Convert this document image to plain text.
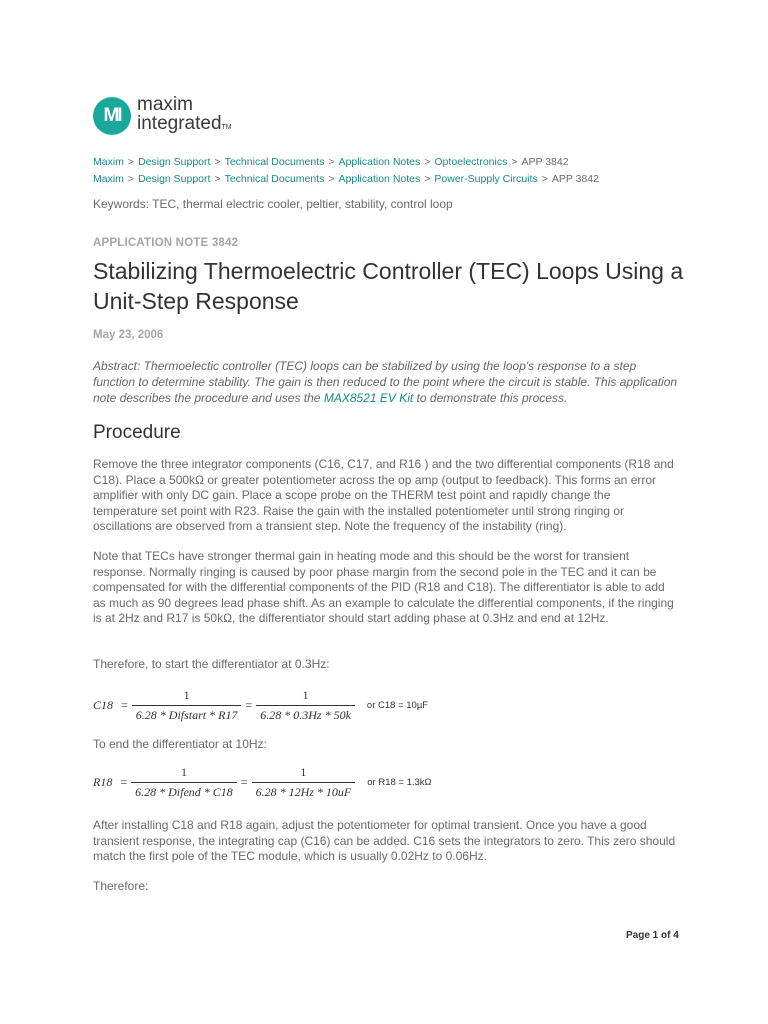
MI
maxim
integratedTM
Maxim > Design Support > Technical Documents > Application Notes > Optoelectronics > APP 3842
Maxim > Design Support > Technical Documents > Application Notes > Power-Supply Circuits > APP 3842
Keywords: TEC, thermal electric cooler, peltier, stability, control loop
APPLICATION NOTE 3842
Stabilizing Thermoelectric Controller (TEC) Loops Using a Unit-Step Response
May 23, 2006
Abstract: Thermoelectic controller (TEC) loops can be stabilized by using the loop's response to a step function to determine stability. The gain is then reduced to the point where the circuit is stable. This application note describes the procedure and uses the MAX8521 EV Kit to demonstrate this process.
Procedure

Remove the three integrator components (C16, C17, and R16 ) and the two differential components (R18 and C18). Place a 500kΩ or greater potentiometer across the op amp (output to feedback). This forms an error amplifier with only DC gain. Place a scope probe on the THERM test point and rapidly change the temperature set point with R23. Raise the gain with the installed potentiometer until strong ringing or oscillations are observed from a transient step. Note the frequency of the instability (ring).

Note that TECs have stronger thermal gain in heating mode and this should be the worst for transient response. Normally ringing is caused by poor phase margin from the second pole in the TEC and it can be compensated for with the differential components of the PID (R18 and C18). The differentiator is able to add as much as 90 degrees lead phase shift. As an example to calculate the differential components, if the ringing is at 2Hz and R17 is 50kΩ, the differentiator should start adding phase at 0.3Hz and end at 12Hz.

Therefore, to start the differentiator at 0.3Hz:

$C18 = \frac{1}{\text{6.28 * Difstart * R17}} = \frac{1}{6.28 * 0.3Hz * 50k}$ or C18 = 10µF

To end the differentiator at 10Hz:

$R18 = \frac{1}{\text{6.28 * Difend * C18}} = \frac{1}{6.28 * 12Hz * 10uF}$ or R18 = 1.3kΩ

After installing C18 and R18 again, adjust the potentiometer for optimal transient. Once you have a good transient response, the integrating cap (C16) can be added. C16 sets the integrators to zero. This zero should match the first pole of the TEC module, which is usually 0.02Hz to 0.06Hz.

Therefore:

Page 1 of 4
